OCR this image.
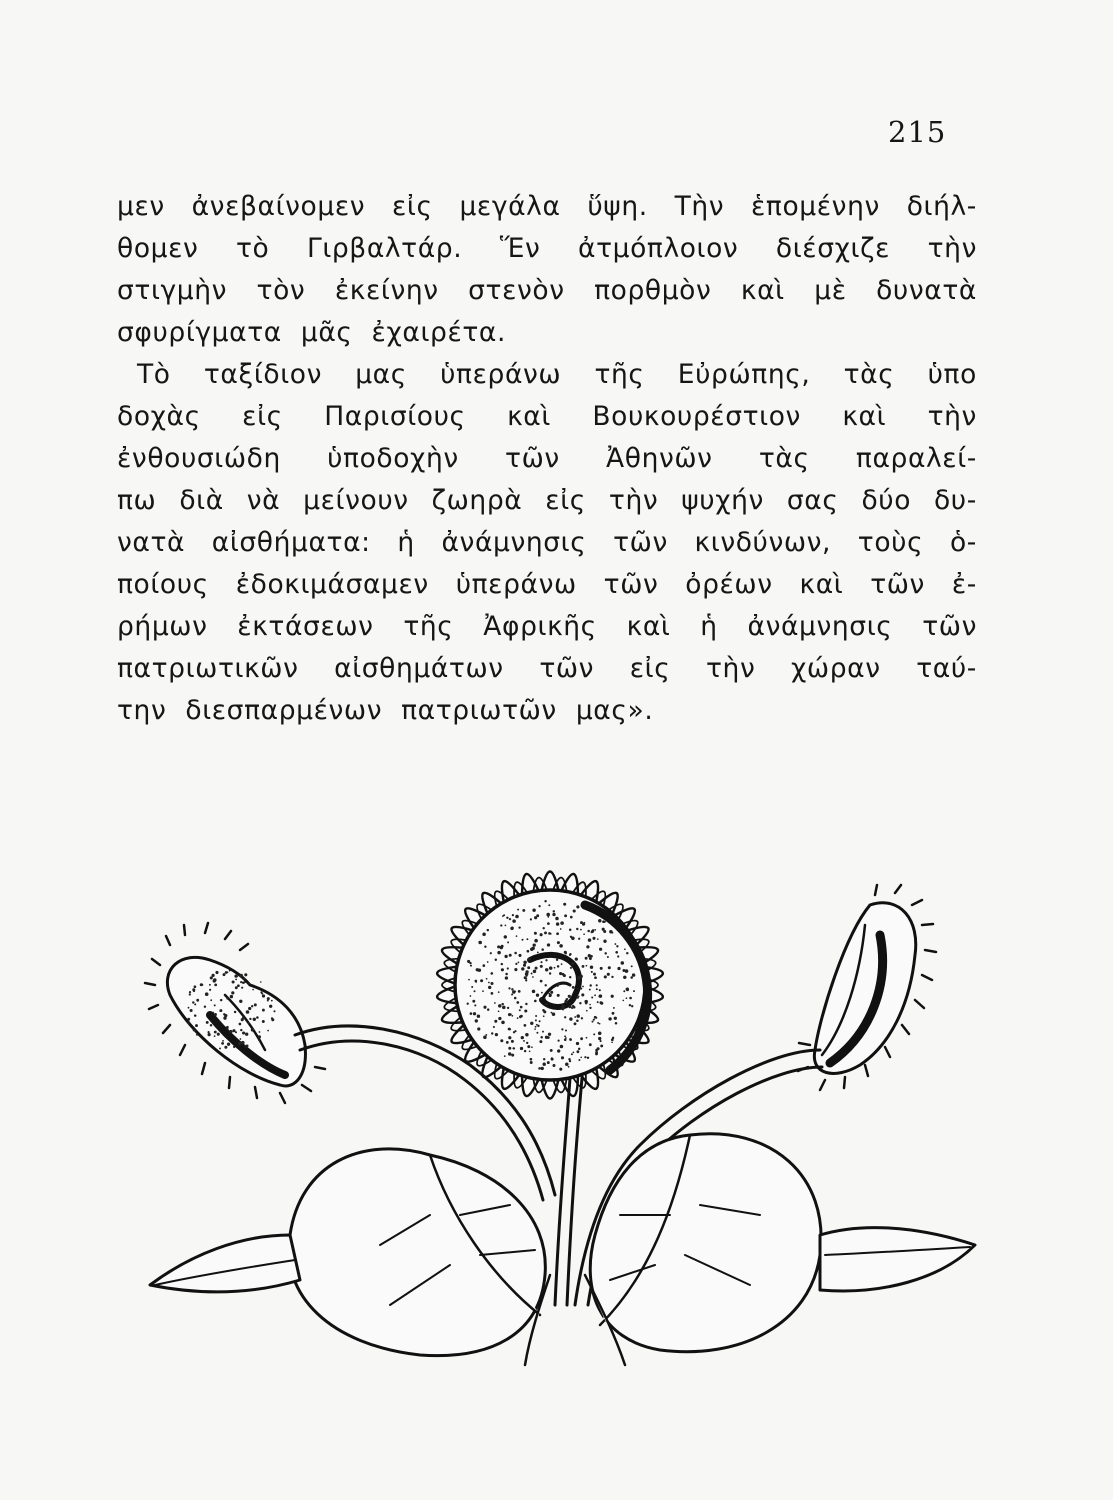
215
μεν ἀνεβαίνομεν εἰς μεγάλα ὕψη. Τὴν ἑπομένην διήλ-
θομεν τὸ Γιρβαλτάρ. Ἕν ἀτμόπλοιον διέσχιζε τὴν
στιγμὴν τὸν ἐκείνην στενὸν πορθμὸν καὶ μὲ δυνατὰ
σφυρίγματα μᾶς ἐχαιρέτα.
Τὸ ταξίδιον μας ὑπεράνω τῆς Εὐρώπης, τὰς ὑπο
δοχὰς εἰς Παρισίους καὶ Βουκουρέστιον καὶ τὴν
ἐνθουσιώδη ὑποδοχὴν τῶν Ἀθηνῶν τὰς παραλεί-
πω διὰ νὰ μείνουν ζωηρὰ εἰς τὴν ψυχήν σας δύο δυ-
νατὰ αἰσθήματα: ἡ ἀνάμνησις τῶν κινδύνων, τοὺς ὁ-
ποίους ἐδοκιμάσαμεν ὑπεράνω τῶν ὀρέων καὶ τῶν ἐ-
ρήμων ἐκτάσεων τῆς Ἀφρικῆς καὶ ἡ ἀνάμνησις τῶν
πατριωτικῶν αἰσθημάτων τῶν εἰς τὴν χώραν ταύ-
την διεσπαρμένων πατριωτῶν μας».
